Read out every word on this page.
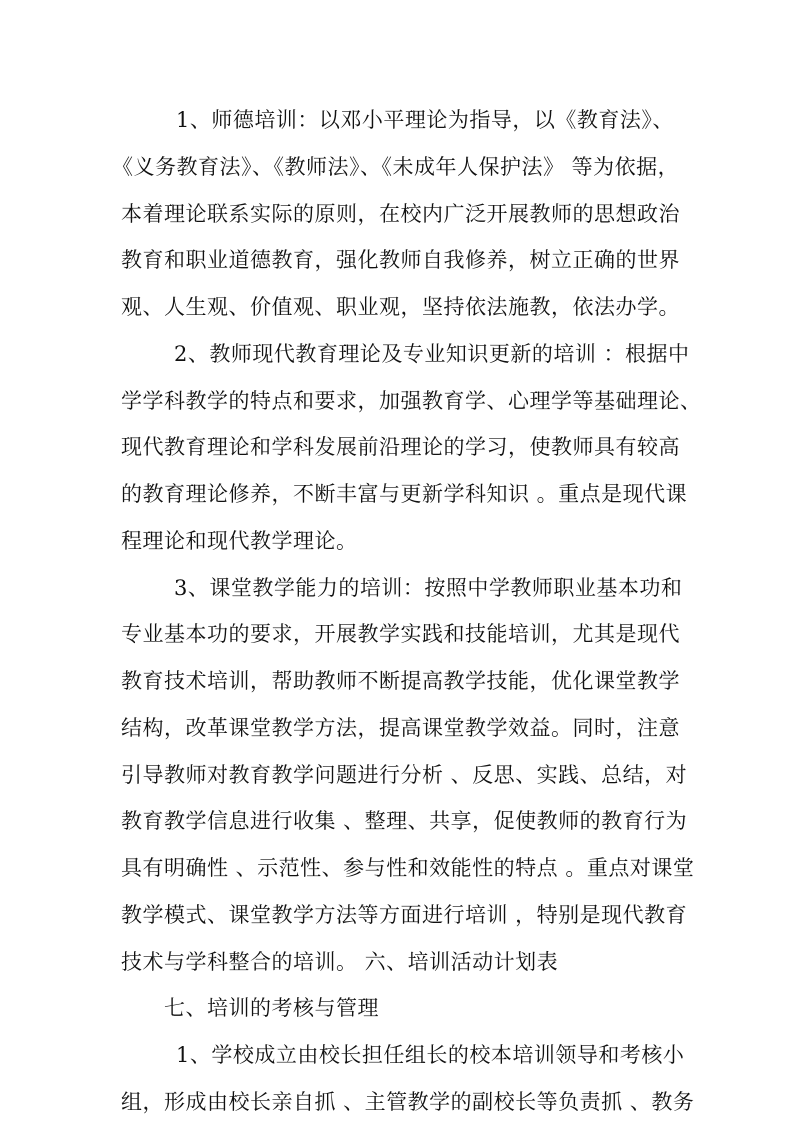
1、师德培训：以邓小平理论为指导，以《教育法》、
《义务教育法》、《教师法》、《未成年人保护法》 等为依据，
本着理论联系实际的原则，在校内广泛开展教师的思想政治
教育和职业道德教育，强化教师自我修养，树立正确的世界
观、人生观、价值观、职业观，坚持依法施教，依法办学。
2、教师现代教育理论及专业知识更新的培训 ：根据中
学学科教学的特点和要求，加强教育学、心理学等基础理论、
现代教育理论和学科发展前沿理论的学习，使教师具有较高
的教育理论修养，不断丰富与更新学科知识 。重点是现代课
程理论和现代教学理论。
3、课堂教学能力的培训：按照中学教师职业基本功和
专业基本功的要求，开展教学实践和技能培训，尤其是现代
教育技术培训，帮助教师不断提高教学技能，优化课堂教学
结构，改革课堂教学方法，提高课堂教学效益。同时，注意
引导教师对教育教学问题进行分析 、反思、实践、总结，对
教育教学信息进行收集 、整理、共享，促使教师的教育行为
具有明确性 、示范性、参与性和效能性的特点 。重点对课堂
教学模式、课堂教学方法等方面进行培训 ，特别是现代教育
技术与学科整合的培训。 六、培训活动计划表
七、培训的考核与管理
1、学校成立由校长担任组长的校本培训领导和考核小
组，形成由校长亲自抓 、主管教学的副校长等负责抓 、教务
